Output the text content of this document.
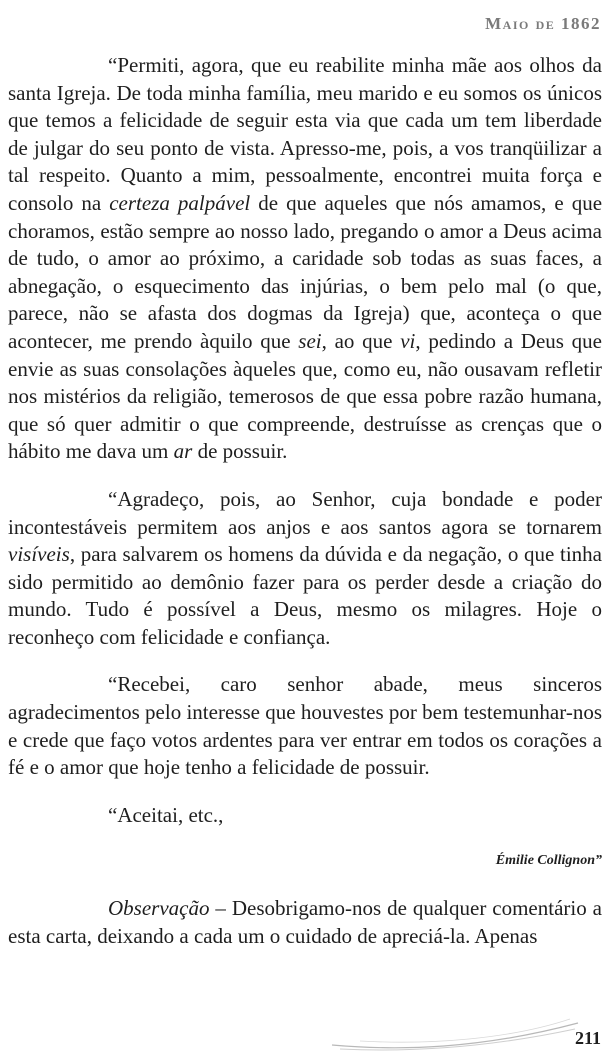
Maio de 1862

“Permiti, agora, que eu reabilite minha mãe aos olhos da santa Igreja. De toda minha família, meu marido e eu somos os únicos que temos a felicidade de seguir esta via que cada um tem liberdade de julgar do seu ponto de vista. Apresso-me, pois, a vos tranqüilizar a tal respeito. Quanto a mim, pessoalmente, encontrei muita força e consolo na certeza palpável de que aqueles que nós amamos, e que choramos, estão sempre ao nosso lado, pregando o amor a Deus acima de tudo, o amor ao próximo, a caridade sob todas as suas faces, a abnegação, o esquecimento das injúrias, o bem pelo mal (o que, parece, não se afasta dos dogmas da Igreja) que, aconteça o que acontecer, me prendo àquilo que sei, ao que vi, pedindo a Deus que envie as suas consolações àqueles que, como eu, não ousavam refletir nos mistérios da religião, temerosos de que essa pobre razão humana, que só quer admitir o que compreende, destruísse as crenças que o hábito me dava um ar de possuir.

“Agradeço, pois, ao Senhor, cuja bondade e poder incontestáveis permitem aos anjos e aos santos agora se tornarem visíveis, para salvarem os homens da dúvida e da negação, o que tinha sido permitido ao demônio fazer para os perder desde a criação do mundo. Tudo é possível a Deus, mesmo os milagres. Hoje o reconheço com felicidade e confiança.

“Recebei, caro senhor abade, meus sinceros agradecimentos pelo interesse que houvestes por bem testemunhar-nos e crede que faço votos ardentes para ver entrar em todos os corações a fé e o amor que hoje tenho a felicidade de possuir.

“Aceitai, etc.,

Émilie Collignon”

Observação – Desobrigamo-nos de qualquer comentário a esta carta, deixando a cada um o cuidado de apreciá-la. Apenas

211
